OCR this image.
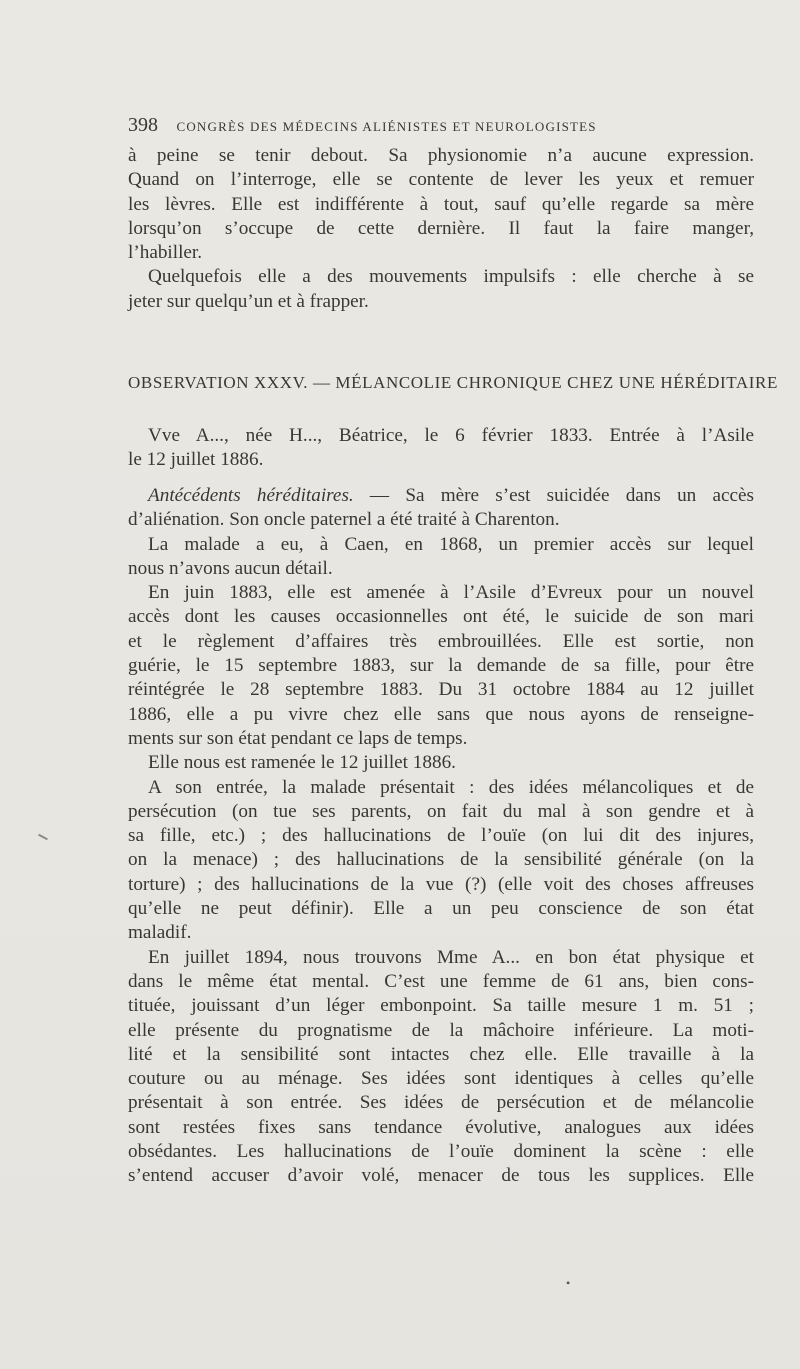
398 CONGRÈS DES MÉDECINS ALIÉNISTES ET NEUROLOGISTES
à peine se tenir debout. Sa physionomie n’a aucune expression.
Quand on l’interroge, elle se contente de lever les yeux et remuer
les lèvres. Elle est indifférente à tout, sauf qu’elle regarde sa mère
lorsqu’on s’occupe de cette dernière. Il faut la faire manger,
l’habiller.
Quelquefois elle a des mouvements impulsifs : elle cherche à se
jeter sur quelqu’un et à frapper.
OBSERVATION XXXV. — MÉLANCOLIE CHRONIQUE CHEZ UNE HÉRÉDITAIRE
Vve A..., née H..., Béatrice, le 6 février 1833. Entrée à l’Asile
le 12 juillet 1886.
Antécédents héréditaires. — Sa mère s’est suicidée dans un accès
d’aliénation. Son oncle paternel a été traité à Charenton.
La malade a eu, à Caen, en 1868, un premier accès sur lequel
nous n’avons aucun détail.
En juin 1883, elle est amenée à l’Asile d’Evreux pour un nouvel
accès dont les causes occasionnelles ont été, le suicide de son mari
et le règlement d’affaires très embrouillées. Elle est sortie, non
guérie, le 15 septembre 1883, sur la demande de sa fille, pour être
réintégrée le 28 septembre 1883. Du 31 octobre 1884 au 12 juillet
1886, elle a pu vivre chez elle sans que nous ayons de renseigne-
ments sur son état pendant ce laps de temps.
Elle nous est ramenée le 12 juillet 1886.
A son entrée, la malade présentait : des idées mélancoliques et de
persécution (on tue ses parents, on fait du mal à son gendre et à
sa fille, etc.) ; des hallucinations de l’ouïe (on lui dit des injures,
on la menace) ; des hallucinations de la sensibilité générale (on la
torture) ; des hallucinations de la vue (?) (elle voit des choses affreuses
qu’elle ne peut définir). Elle a un peu conscience de son état
maladif.
En juillet 1894, nous trouvons Mme A... en bon état physique et
dans le même état mental. C’est une femme de 61 ans, bien cons-
tituée, jouissant d’un léger embonpoint. Sa taille mesure 1 m. 51 ;
elle présente du prognatisme de la mâchoire inférieure. La moti-
lité et la sensibilité sont intactes chez elle. Elle travaille à la
couture ou au ménage. Ses idées sont identiques à celles qu’elle
présentait à son entrée. Ses idées de persécution et de mélancolie
sont restées fixes sans tendance évolutive, analogues aux idées
obsédantes. Les hallucinations de l’ouïe dominent la scène : elle
s’entend accuser d’avoir volé, menacer de tous les supplices. Elle
•
